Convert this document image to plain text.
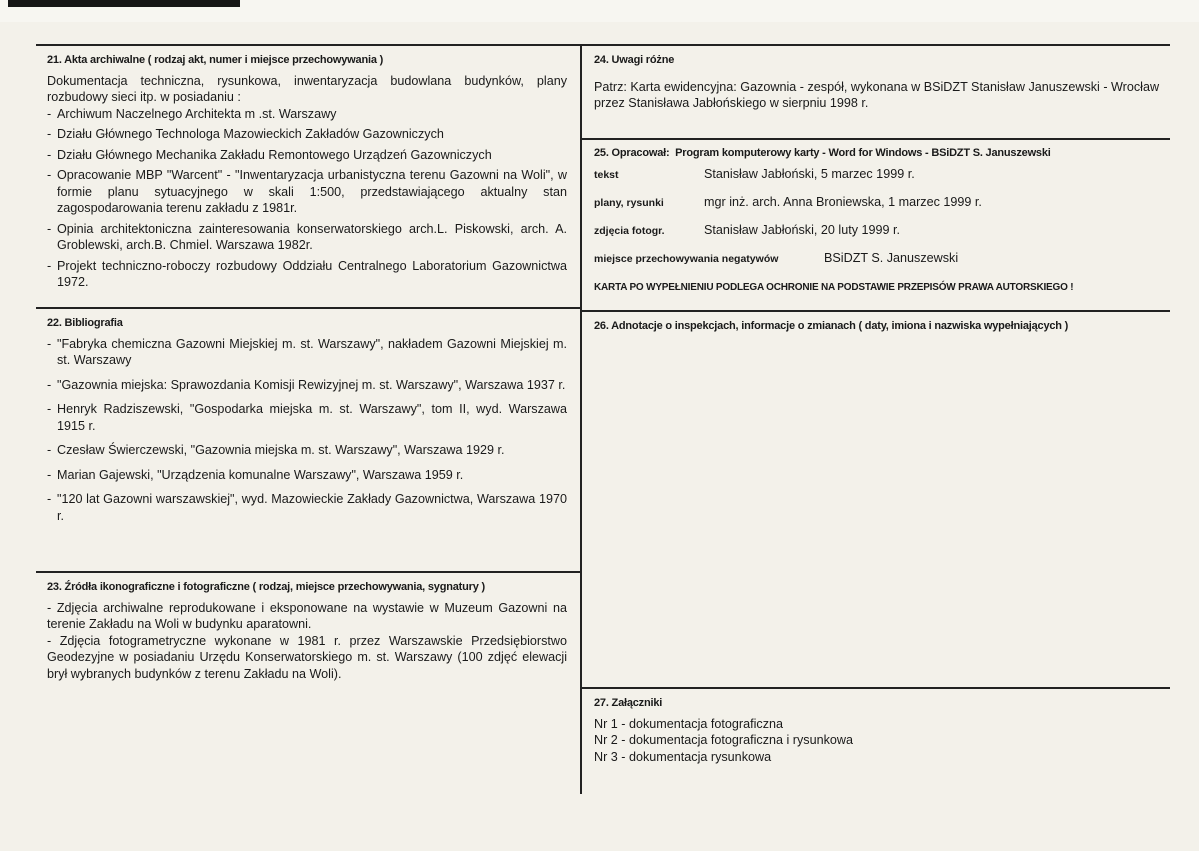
21. Akta archiwalne ( rodzaj akt, numer i miejsce przechowywania )

Dokumentacja techniczna, rysunkowa, inwentaryzacja budowlana budynków, plany rozbudowy sieci itp. w posiadaniu :

- Archiwum Naczelnego Architekta m .st. Warszawy
- Działu Głównego Technologa Mazowieckich Zakładów Gazowniczych
- Działu Głównego Mechanika Zakładu Remontowego Urządzeń Gazowniczych
- Opracowanie MBP "Warcent" - "Inwentaryzacja urbanistyczna terenu Gazowni na Woli", w formie planu sytuacyjnego w skali 1:500, przedstawiającego aktualny stan zagospodarowania terenu zakładu z 1981r.
- Opinia architektoniczna zainteresowania konserwatorskiego arch.L. Piskowski, arch. A. Groblewski, arch.B. Chmiel. Warszawa 1982r.
- Projekt techniczno-roboczy rozbudowy Oddziału Centralnego Laboratorium Gazownictwa 1972.
22. Bibliografia
- "Fabryka chemiczna Gazowni Miejskiej m. st. Warszawy", nakładem Gazowni Miejskiej m. st. Warszawy
- "Gazownia miejska: Sprawozdania Komisji Rewizyjnej m. st. Warszawy", Warszawa 1937 r.
- Henryk Radziszewski, "Gospodarka miejska m. st. Warszawy", tom II, wyd. Warszawa 1915 r.
- Czesław Świerczewski, "Gazownia miejska m. st. Warszawy", Warszawa 1929 r.
- Marian Gajewski, "Urządzenia komunalne Warszawy", Warszawa 1959 r.
- "120 lat Gazowni warszawskiej", wyd. Mazowieckie Zakłady Gazownictwa, Warszawa 1970 r.
23. Źródła ikonograficzne i fotograficzne ( rodzaj, miejsce przechowywania, sygnatury )

- Zdjęcia archiwalne reprodukowane i eksponowane na wystawie w Muzeum Gazowni na terenie Zakładu na Woli w budynku aparatowni.

- Zdjęcia fotogrametryczne wykonane w 1981 r. przez Warszawskie Przedsiębiorstwo Geodezyjne w posiadaniu Urzędu Konserwatorskiego m. st. Warszawy (100 zdjęć elewacji brył wybranych budynków z terenu Zakładu na Woli).

24. Uwagi różne

Patrz: Karta ewidencyjna: Gazownia - zespół, wykonana w BSiDZT Stanisław Januszewski - Wrocław przez Stanisława Jabłońskiego w sierpniu 1998 r.

25. Opracował: Program komputerowy karty - Word for Windows - BSiDZT S. Januszewski
tekst	Stanisław Jabłoński, 5 marzec 1999 r.
plany, rysunki	mgr inż. arch. Anna Broniewska, 1 marzec 1999 r.
zdjęcia fotogr.	Stanisław Jabłoński, 20 luty 1999 r.
miejsce przechowywania negatywów	BSiDZT S. Januszewski
KARTA PO WYPEŁNIENIU PODLEGA OCHRONIE NA PODSTAWIE PRZEPISÓW PRAWA AUTORSKIEGO !
26. Adnotacje o inspekcjach, informacje o zmianach ( daty, imiona i nazwiska wypełniających )
27. Załączniki

Nr 1 - dokumentacja fotograficzna

Nr 2 - dokumentacja fotograficzna i rysunkowa

Nr 3 - dokumentacja rysunkowa
